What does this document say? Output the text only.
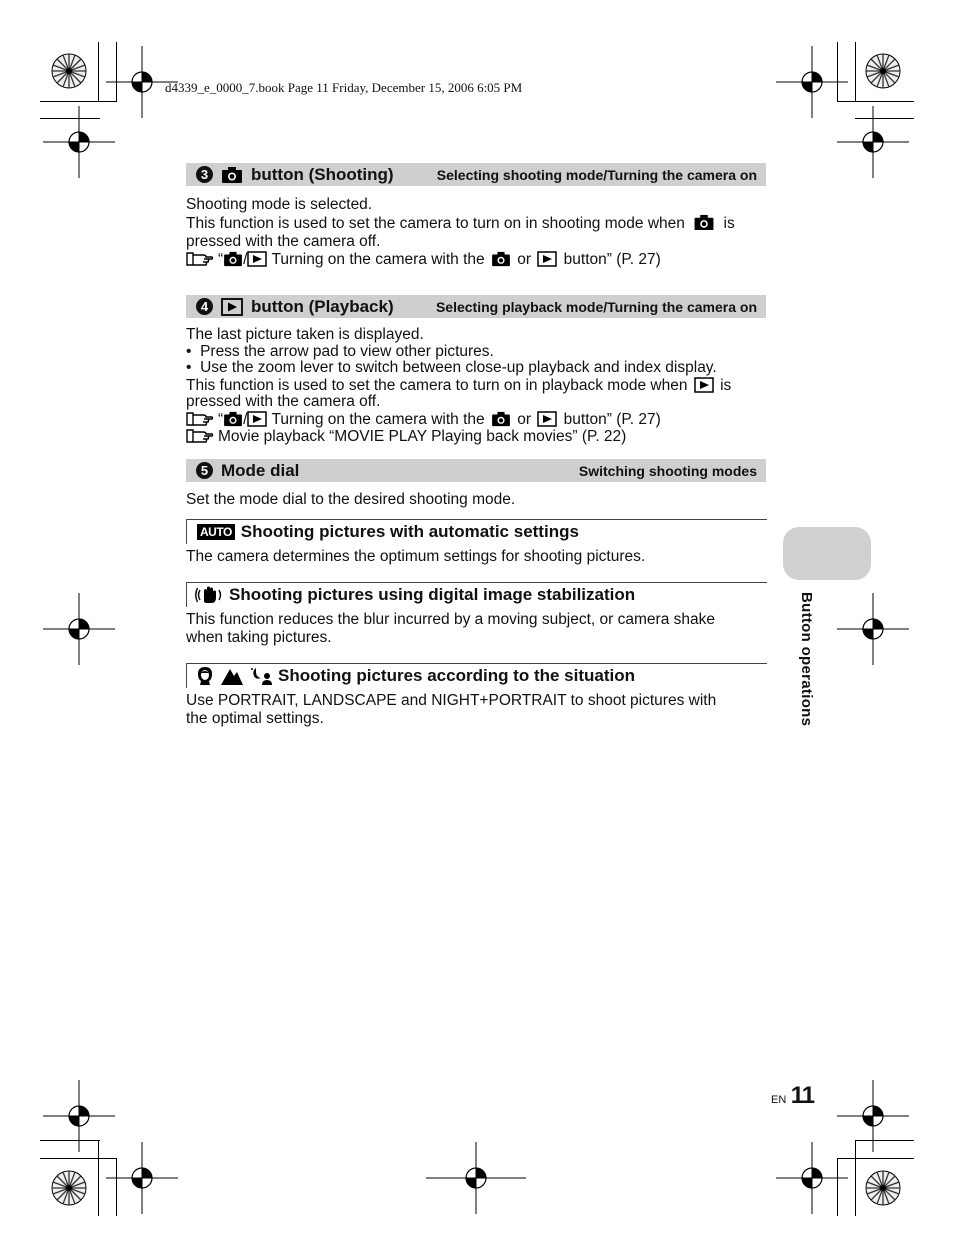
d4339_e_0000_7.book Page 11 Friday, December 15, 2006 6:05 PM
3	button (Shooting)	Selecting shooting mode/Turning the camera on
Shooting mode is selected.
This function is used to set the camera to turn on in shooting mode when is
pressed with the camera off.
“ / Turning on the camera with the or button” (P. 27)
4	button (Playback)	Selecting playback mode/Turning the camera on
The last picture taken is displayed.
• Press the arrow pad to view other pictures.
• Use the zoom lever to switch between close-up playback and index display.
This function is used to set the camera to turn on in playback mode when is
pressed with the camera off.
“ / Turning on the camera with the or button” (P. 27)
Movie playback “MOVIE PLAY Playing back movies” (P. 22)
5 Mode dial	Switching shooting modes
Set the mode dial to the desired shooting mode.
AUTO Shooting pictures with automatic settings
The camera determines the optimum settings for shooting pictures.
Shooting pictures using digital image stabilization
This function reduces the blur incurred by a moving subject, or camera shake
when taking pictures.
Shooting pictures according to the situation
Use PORTRAIT, LANDSCAPE and NIGHT+PORTRAIT to shoot pictures with
the optimal settings.	Button operations
EN 11
